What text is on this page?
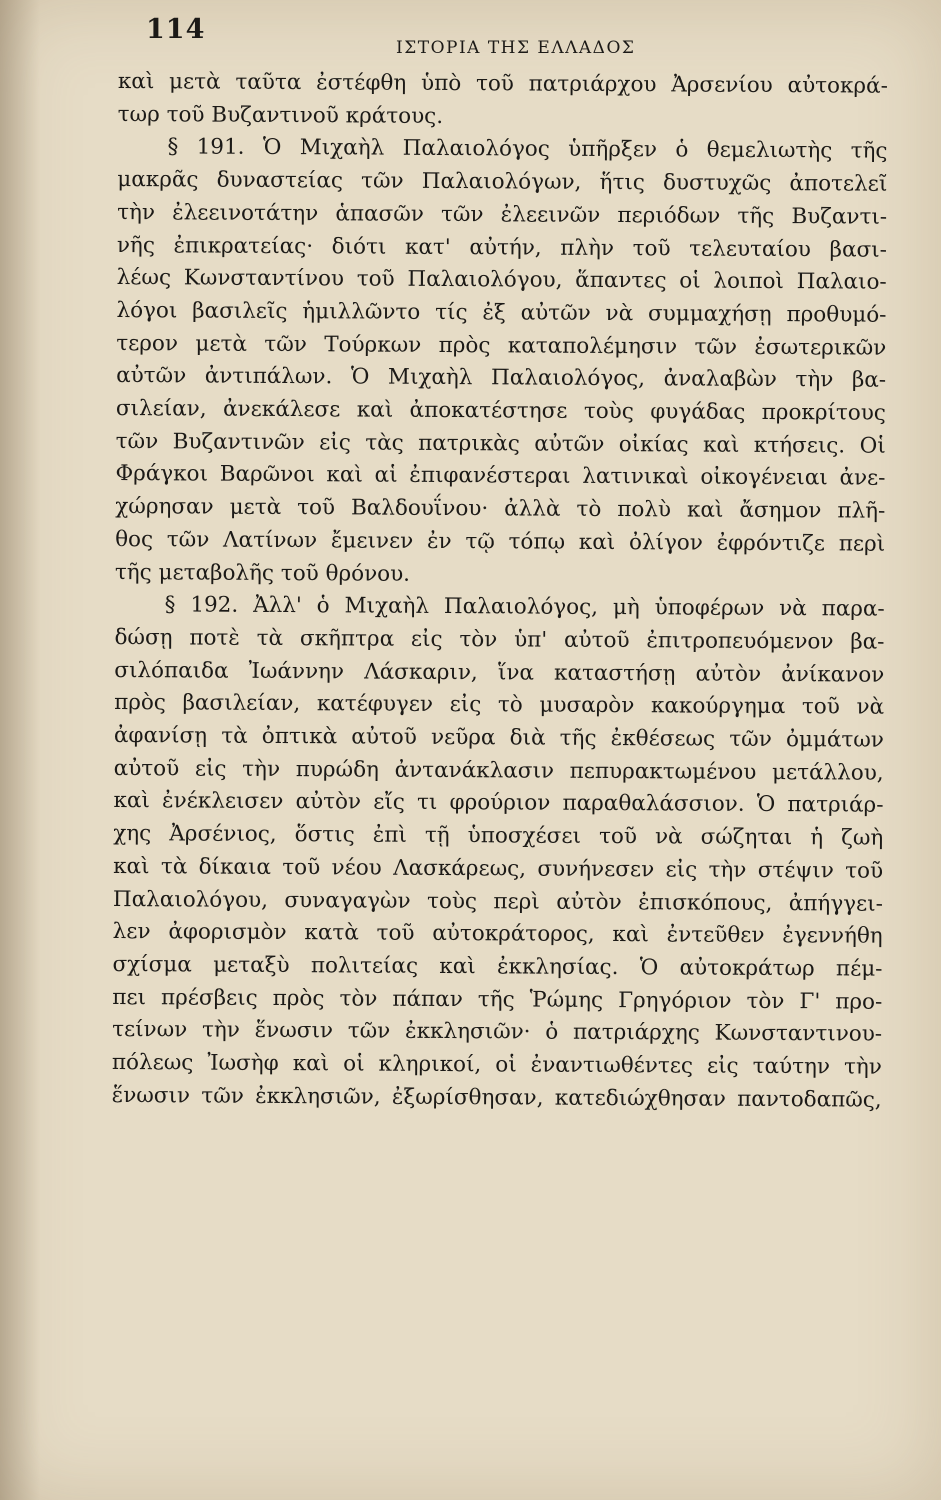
114
ΙΣΤΟΡΙΑ ΤΗΣ ΕΛΛΑΔΟΣ

καὶ μετὰ ταῦτα ἐστέφθη ὑπὸ τοῦ πατριάρχου Ἀρσενίου αὐτοκρά-
τωρ τοῦ Βυζαντινοῦ κράτους.

§ 191. Ὁ Μιχαὴλ Παλαιολόγος ὑπῆρξεν ὁ θεμελιωτὴς τῆς
μακρᾶς δυναστείας τῶν Παλαιολόγων, ἥτις δυστυχῶς ἀποτελεῖ
τὴν ἐλεεινοτάτην ἁπασῶν τῶν ἐλεεινῶν περιόδων τῆς Βυζαντι-
νῆς ἐπικρατείας· διότι κατ' αὐτήν, πλὴν τοῦ τελευταίου βασι-
λέως Κωνσταντίνου τοῦ Παλαιολόγου, ἅπαντες οἱ λοιποὶ Παλαιο-
λόγοι βασιλεῖς ἡμιλλῶντο τίς ἐξ αὐτῶν νὰ συμμαχήσῃ προθυμό-
τερον μετὰ τῶν Τούρκων πρὸς καταπολέμησιν τῶν ἐσωτερικῶν
αὐτῶν ἀντιπάλων. Ὁ Μιχαὴλ Παλαιολόγος, ἀναλαβὼν τὴν βα-
σιλείαν, ἀνεκάλεσε καὶ ἀποκατέστησε τοὺς φυγάδας προκρίτους
τῶν Βυζαντινῶν εἰς τὰς πατρικὰς αὐτῶν οἰκίας καὶ κτήσεις. Οἱ
Φράγκοι Βαρῶνοι καὶ αἱ ἐπιφανέστεραι λατινικαὶ οἰκογένειαι ἀνε-
χώρησαν μετὰ τοῦ Βαλδουΐνου· ἀλλὰ τὸ πολὺ καὶ ἄσημον πλῆ-
θος τῶν Λατίνων ἔμεινεν ἐν τῷ τόπῳ καὶ ὀλίγον ἐφρόντιζε περὶ
τῆς μεταβολῆς τοῦ θρόνου.

§ 192. Ἀλλ' ὁ Μιχαὴλ Παλαιολόγος, μὴ ὑποφέρων νὰ παρα-
δώσῃ ποτὲ τὰ σκῆπτρα εἰς τὸν ὑπ' αὐτοῦ ἐπιτροπευόμενον βα-
σιλόπαιδα Ἰωάννην Λάσκαριν, ἵνα καταστήσῃ αὐτὸν ἀνίκανον
πρὸς βασιλείαν, κατέφυγεν εἰς τὸ μυσαρὸν κακούργημα τοῦ νὰ
ἀφανίσῃ τὰ ὀπτικὰ αὐτοῦ νεῦρα διὰ τῆς ἐκθέσεως τῶν ὀμμάτων
αὐτοῦ εἰς τὴν πυρώδη ἀντανάκλασιν πεπυρακτωμένου μετάλλου,
καὶ ἐνέκλεισεν αὐτὸν εἴς τι φρούριον παραθαλάσσιον. Ὁ πατριάρ-
χης Ἀρσένιος, ὅστις ἐπὶ τῇ ὑποσχέσει τοῦ νὰ σώζηται ἡ ζωὴ
καὶ τὰ δίκαια τοῦ νέου Λασκάρεως, συνήνεσεν εἰς τὴν στέψιν τοῦ
Παλαιολόγου, συναγαγὼν τοὺς περὶ αὐτὸν ἐπισκόπους, ἀπήγγει-
λεν ἀφορισμὸν κατὰ τοῦ αὐτοκράτορος, καὶ ἐντεῦθεν ἐγεννήθη
σχίσμα μεταξὺ πολιτείας καὶ ἐκκλησίας. Ὁ αὐτοκράτωρ πέμ-
πει πρέσβεις πρὸς τὸν πάπαν τῆς Ῥώμης Γρηγόριον τὸν Γ' προ-
τείνων τὴν ἕνωσιν τῶν ἐκκλησιῶν· ὁ πατριάρχης Κωνσταντινου-
πόλεως Ἰωσὴφ καὶ οἱ κληρικοί, οἱ ἐναντιωθέντες εἰς ταύτην τὴν
ἕνωσιν τῶν ἐκκλησιῶν, ἐξωρίσθησαν, κατεδιώχθησαν παντοδαπῶς,
